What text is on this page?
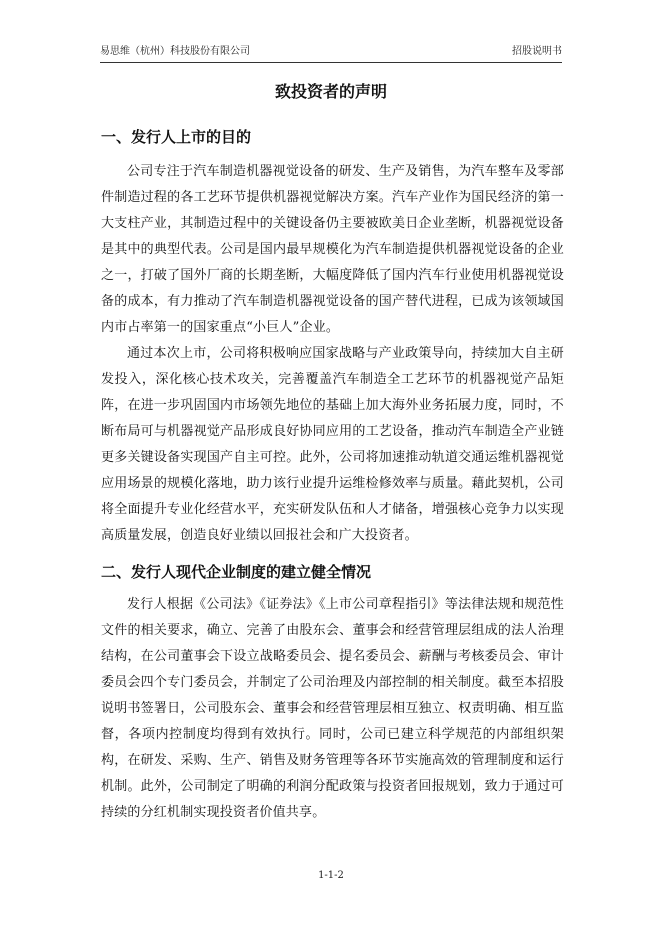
易思维（杭州）科技股份有限公司	招股说明书
致投资者的声明
一、发行人上市的目的

公司专注于汽车制造机器视觉设备的研发、生产及销售，为汽车整车及零部件制造过程的各工艺环节提供机器视觉解决方案。汽车产业作为国民经济的第一大支柱产业，其制造过程中的关键设备仍主要被欧美日企业垄断，机器视觉设备是其中的典型代表。公司是国内最早规模化为汽车制造提供机器视觉设备的企业之一，打破了国外厂商的长期垄断，大幅度降低了国内汽车行业使用机器视觉设备的成本，有力推动了汽车制造机器视觉设备的国产替代进程，已成为该领域国内市占率第一的国家重点“小巨人”企业。

通过本次上市，公司将积极响应国家战略与产业政策导向，持续加大自主研发投入，深化核心技术攻关，完善覆盖汽车制造全工艺环节的机器视觉产品矩阵，在进一步巩固国内市场领先地位的基础上加大海外业务拓展力度，同时，不断布局可与机器视觉产品形成良好协同应用的工艺设备，推动汽车制造全产业链更多关键设备实现国产自主可控。此外，公司将加速推动轨道交通运维机器视觉应用场景的规模化落地，助力该行业提升运维检修效率与质量。藉此契机，公司将全面提升专业化经营水平，充实研发队伍和人才储备，增强核心竞争力以实现高质量发展，创造良好业绩以回报社会和广大投资者。

二、发行人现代企业制度的建立健全情况

发行人根据《公司法》《证券法》《上市公司章程指引》等法律法规和规范性文件的相关要求，确立、完善了由股东会、董事会和经营管理层组成的法人治理结构，在公司董事会下设立战略委员会、提名委员会、薪酬与考核委员会、审计委员会四个专门委员会，并制定了公司治理及内部控制的相关制度。截至本招股说明书签署日，公司股东会、董事会和经营管理层相互独立、权责明确、相互监督，各项内控制度均得到有效执行。同时，公司已建立科学规范的内部组织架构，在研发、采购、生产、销售及财务管理等各环节实施高效的管理制度和运行机制。此外，公司制定了明确的利润分配政策与投资者回报规划，致力于通过可持续的分红机制实现投资者价值共享。

1-1-2
